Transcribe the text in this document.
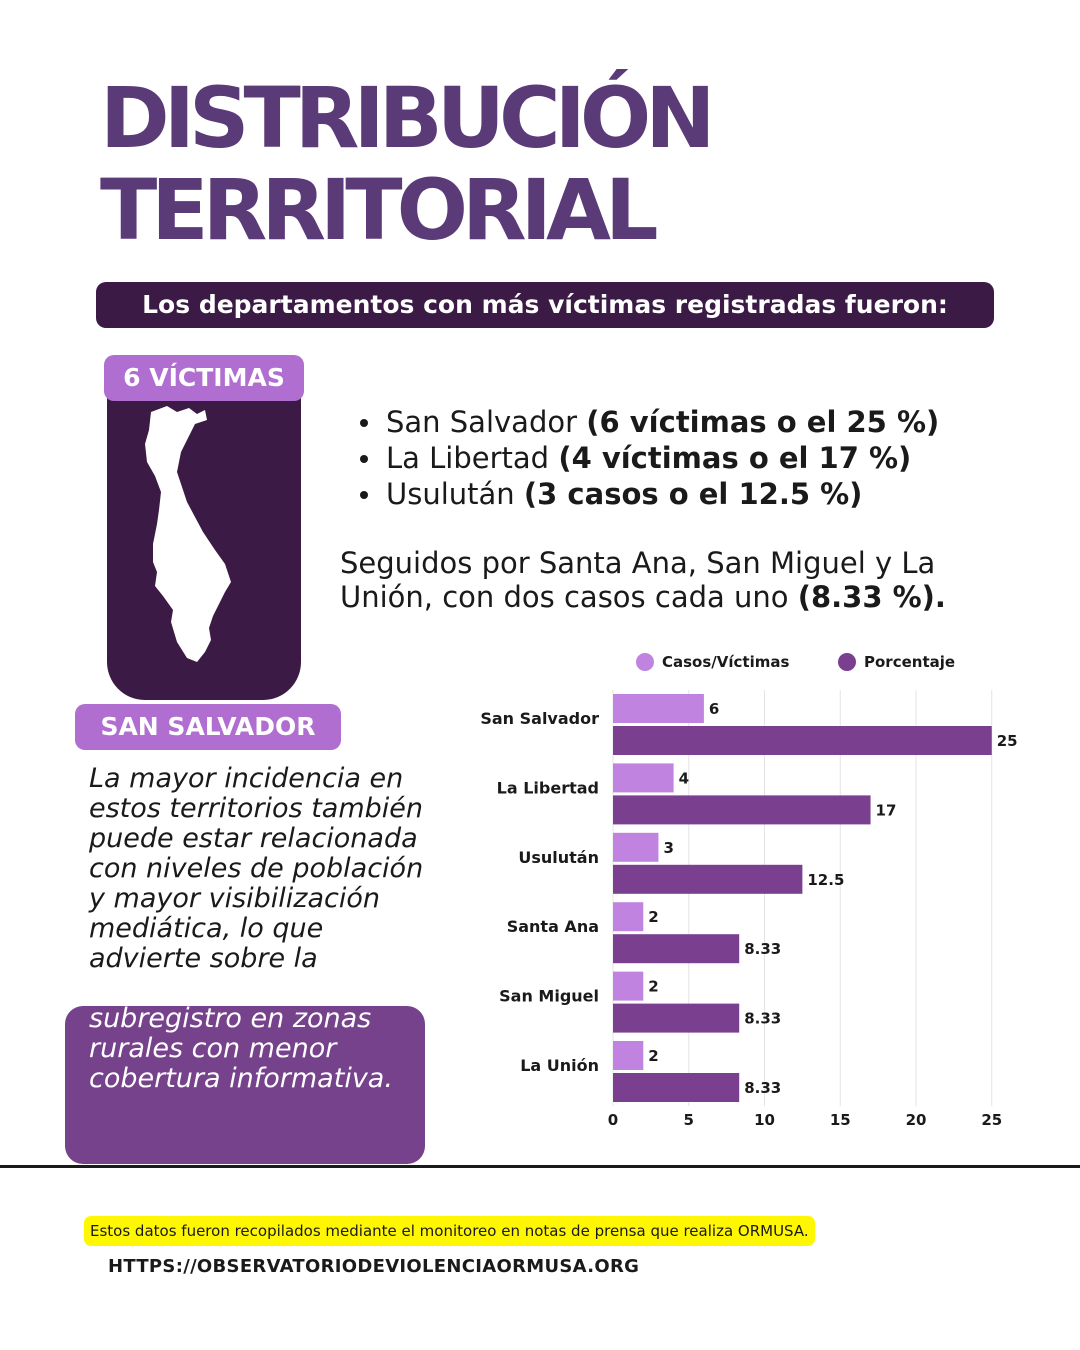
DISTRIBUCIÓN
TERRITORIAL
Los departamentos con más víctimas registradas fueron:
6 VÍCTIMAS
SAN SALVADOR
San Salvador (6 víctimas o el 25 %)
La Libertad (4 víctimas o el 17 %)
Usulután (3 casos o el 12.5 %)

Seguidos por Santa Ana, San Miguel y La Unión, con dos casos cada uno (8.33 %).

La mayor incidencia en estos territorios también puede estar relacionada con niveles de población y mayor visibilización mediática, lo que advierte sobre la posibilidad de subregistro en zonas rurales con menor cobertura informativa.

0	5	10	15	20	25
Casos/Víctimas	Porcentaje
San Salvador	6
25
La Libertad	4
17
Usulután	3
12.5
Santa Ana	2
8.33
San Miguel	2
8.33
La Unión	2
8.33
Estos datos fueron recopilados mediante el monitoreo en notas de prensa que realiza ORMUSA.
HTTPS://OBSERVATORIODEVIOLENCIAORMUSA.ORG
